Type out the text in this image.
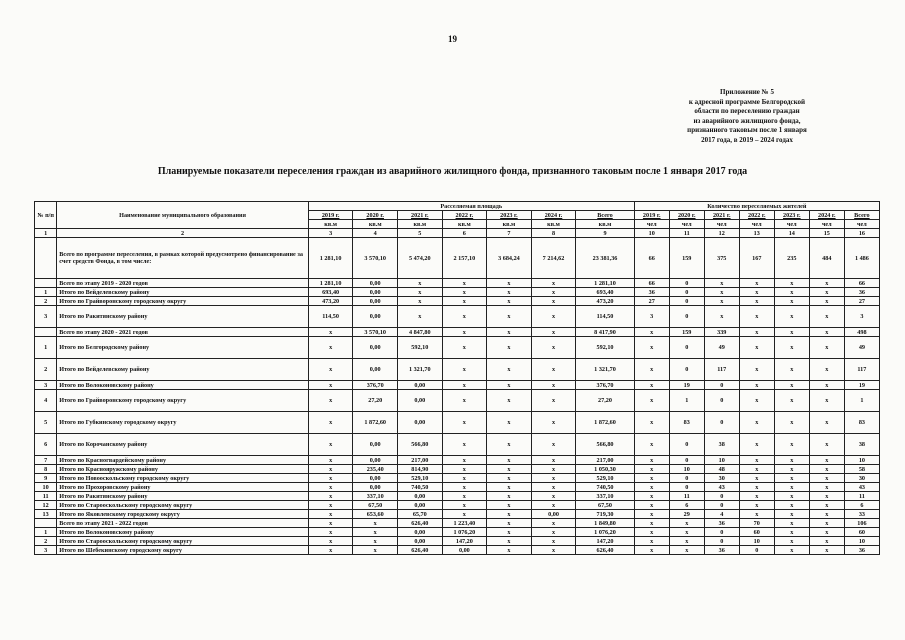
19
Приложение № 5
к адресной программе Белгородской
области по переселению граждан
из аварийного жилищного фонда,
признанного таковым после 1 января
2017 года, в 2019 – 2024 годах
Планируемые показатели переселения граждан из аварийного жилищного фонда, признанного таковым после 1 января 2017 года
№ п/п	Наименование муниципального образования	Расселяемая площадь							Количество переселяемых жителей						
		2019 г.	2020 г.	2021 г.	2022 г.	2023 г.	2024 г.	Всего	2019 г.	2020 г.	2021 г.	2022 г.	2023 г.	2024 г.	Всего
		кв.м	кв.м	кв.м	кв.м	кв.м	кв.м	кв.м	чел	чел	чел	чел	чел	чел	чел
1	2	3	4	5	6	7	8	9	10	11	12	13	14	15	16
	Всего по программе переселения, в рамках которой предусмотрено финансирование за счет средств Фонда, в том числе:	1 281,10	3 570,10	5 474,20	2 157,10	3 684,24	7 214,62	23 381,36	66	159	375	167	235	484	1 486
	Всего по этапу 2019 - 2020 годов	1 281,10	0,00	x	x	x	x	1 281,10	66	0	x	x	x	x	66
1	Итого по Вейделевскому району	693,40	0,00	x	x	x	x	693,40	36	0	x	x	x	x	36
2	Итого по Грайворонскому городскому округу	473,20	0,00	x	x	x	x	473,20	27	0	x	x	x	x	27
3	Итого по Ракитянскому району	114,50	0,00	x	x	x	x	114,50	3	0	x	x	x	x	3
	Всего по этапу 2020 - 2021 годов	x	3 570,10	4 847,80	x	x	x	8 417,90	x	159	339	x	x	x	498
1	Итого по Белгородскому району	x	0,00	592,10	x	x	x	592,10	x	0	49	x	x	x	49
2	Итого по Вейделевскому району	x	0,00	1 321,70	x	x	x	1 321,70	x	0	117	x	x	x	117
3	Итого по Волоконовскому району	x	376,70	0,00	x	x	x	376,70	x	19	0	x	x	x	19
4	Итого по Грайворонскому городскому округу	x	27,20	0,00	x	x	x	27,20	x	1	0	x	x	x	1
5	Итого по Губкинскому городскому округу	x	1 872,60	0,00	x	x	x	1 872,60	x	83	0	x	x	x	83
6	Итого по Корочанскому району	x	0,00	566,80	x	x	x	566,80	x	0	38	x	x	x	38
7	Итого по Красногвардейскому району	x	0,00	217,00	x	x	x	217,00	x	0	10	x	x	x	10
8	Итого по Краснояружскому району	x	235,40	814,90	x	x	x	1 050,30	x	10	48	x	x	x	58
9	Итого по Новооскольскому городскому округу	x	0,00	529,10	x	x	x	529,10	x	0	30	x	x	x	30
10	Итого по Прохоровскому району	x	0,00	740,50	x	x	x	740,50	x	0	43	x	x	x	43
11	Итого по Ракитянскому району	x	337,10	0,00	x	x	x	337,10	x	11	0	x	x	x	11
12	Итого по Старооскольскому городскому округу	x	67,50	0,00	x	x	x	67,50	x	6	0	x	x	x	6
13	Итого по Яковлевскому городскому округу	x	653,60	65,70	x	x	0,00	719,30	x	29	4	x	x	x	33
	Всего по этапу 2021 - 2022 годов	x	x	626,40	1 223,40	x	x	1 849,80	x	x	36	70	x	x	106
1	Итого по Волоконовскому району	x	x	0,00	1 076,20	x	x	1 076,20	x	x	0	60	x	x	60
2	Итого по Старооскольскому городскому округу	x	x	0,00	147,20	x	x	147,20	x	x	0	10	x	x	10
3	Итого по Шебекинскому городскому округу	x	x	626,40	0,00	x	x	626,40	x	x	36	0	x	x	36
